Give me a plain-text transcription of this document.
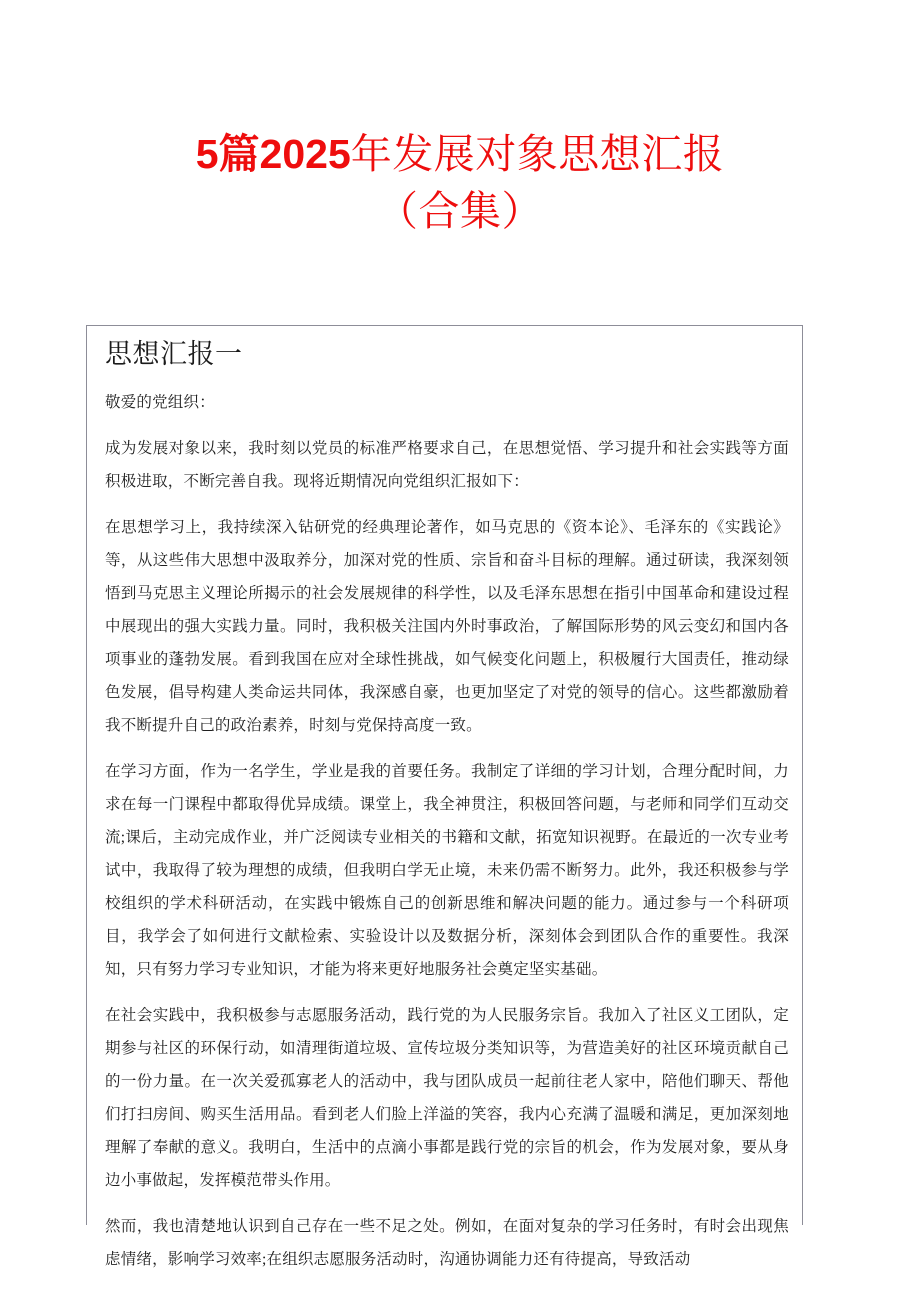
5篇2025年发展对象思想汇报
（合集）
思想汇报一

敬爱的党组织：

成为发展对象以来，我时刻以党员的标准严格要求自己，在思想觉悟、学习提升和社会实践等方面积极进取，不断完善自我。现将近期情况向党组织汇报如下：

在思想学习上，我持续深入钻研党的经典理论著作，如马克思的《资本论》、毛泽东的《实践论》等，从这些伟大思想中汲取养分，加深对党的性质、宗旨和奋斗目标的理解。通过研读，我深刻领悟到马克思主义理论所揭示的社会发展规律的科学性，以及毛泽东思想在指引中国革命和建设过程中展现出的强大实践力量。同时，我积极关注国内外时事政治，了解国际形势的风云变幻和国内各项事业的蓬勃发展。看到我国在应对全球性挑战，如气候变化问题上，积极履行大国责任，推动绿色发展，倡导构建人类命运共同体，我深感自豪，也更加坚定了对党的领导的信心。这些都激励着我不断提升自己的政治素养，时刻与党保持高度一致。

在学习方面，作为一名学生，学业是我的首要任务。我制定了详细的学习计划，合理分配时间，力求在每一门课程中都取得优异成绩。课堂上，我全神贯注，积极回答问题，与老师和同学们互动交流;课后，主动完成作业，并广泛阅读专业相关的书籍和文献，拓宽知识视野。在最近的一次专业考试中，我取得了较为理想的成绩，但我明白学无止境，未来仍需不断努力。此外，我还积极参与学校组织的学术科研活动，在实践中锻炼自己的创新思维和解决问题的能力。通过参与一个科研项目，我学会了如何进行文献检索、实验设计以及数据分析，深刻体会到团队合作的重要性。我深知，只有努力学习专业知识，才能为将来更好地服务社会奠定坚实基础。

在社会实践中，我积极参与志愿服务活动，践行党的为人民服务宗旨。我加入了社区义工团队，定期参与社区的环保行动，如清理街道垃圾、宣传垃圾分类知识等，为营造美好的社区环境贡献自己的一份力量。在一次关爱孤寡老人的活动中，我与团队成员一起前往老人家中，陪他们聊天、帮他们打扫房间、购买生活用品。看到老人们脸上洋溢的笑容，我内心充满了温暖和满足，更加深刻地理解了奉献的意义。我明白，生活中的点滴小事都是践行党的宗旨的机会，作为发展对象，要从身边小事做起，发挥模范带头作用。

然而，我也清楚地认识到自己存在一些不足之处。例如，在面对复杂的学习任务时，有时会出现焦虑情绪，影响学习效率;在组织志愿服务活动时，沟通协调能力还有待提高，导致活动
